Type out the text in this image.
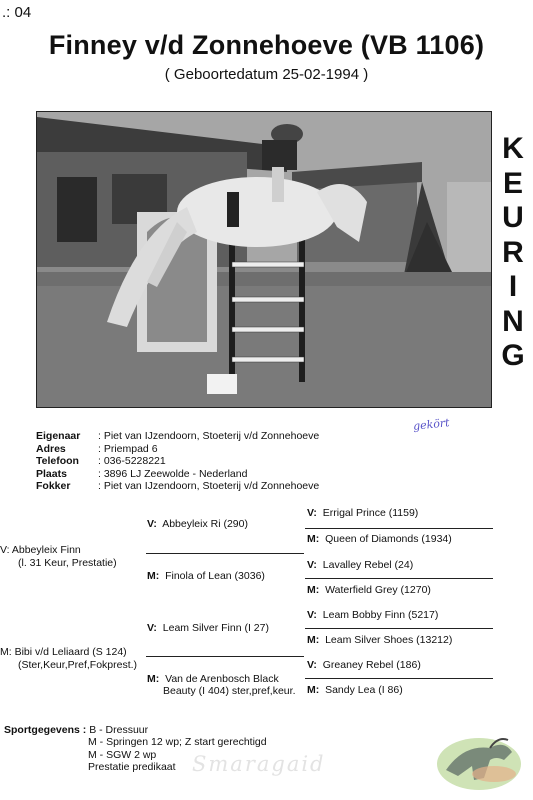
.: 04
Finney v/d Zonnehoeve (VB 1106)
( Geboortedatum 25-02-1994 )
K
E
U
R
I
N
G
gekört
Eigenaar	: Piet van IJzendoorn, Stoeterij v/d Zonnehoeve
Adres	: Priempad 6
Telefoon	: 036-5228221
Plaats	: 3896 LJ Zeewolde - Nederland
Fokker	: Piet van IJzendoorn, Stoeterij v/d Zonnehoeve
V: Abbeyleix Finn
(l. 31 Keur, Prestatie)
M: Bibi v/d Leliaard (S 124)
(Ster,Keur,Pref,Fokprest.)
V: Abbeyleix Ri (290)
M: Finola of Lean (3036)
V: Leam Silver Finn (I 27)
M: Van de Arenbosch Black
Beauty (I 404) ster,pref,keur.
V: Errigal Prince (1159)
M: Queen of Diamonds (1934)
V: Lavalley Rebel (24)
M: Waterfield Grey (1270)
V: Leam Bobby Finn (5217)
M: Leam Silver Shoes (13212)
V: Greaney Rebel (186)
M: Sandy Lea (I 86)
Sportgegevens : B - Dressuur
M - Springen 12 wp; Z start gerechtigd
M - SGW 2 wp
Prestatie predikaat Smaragaid
